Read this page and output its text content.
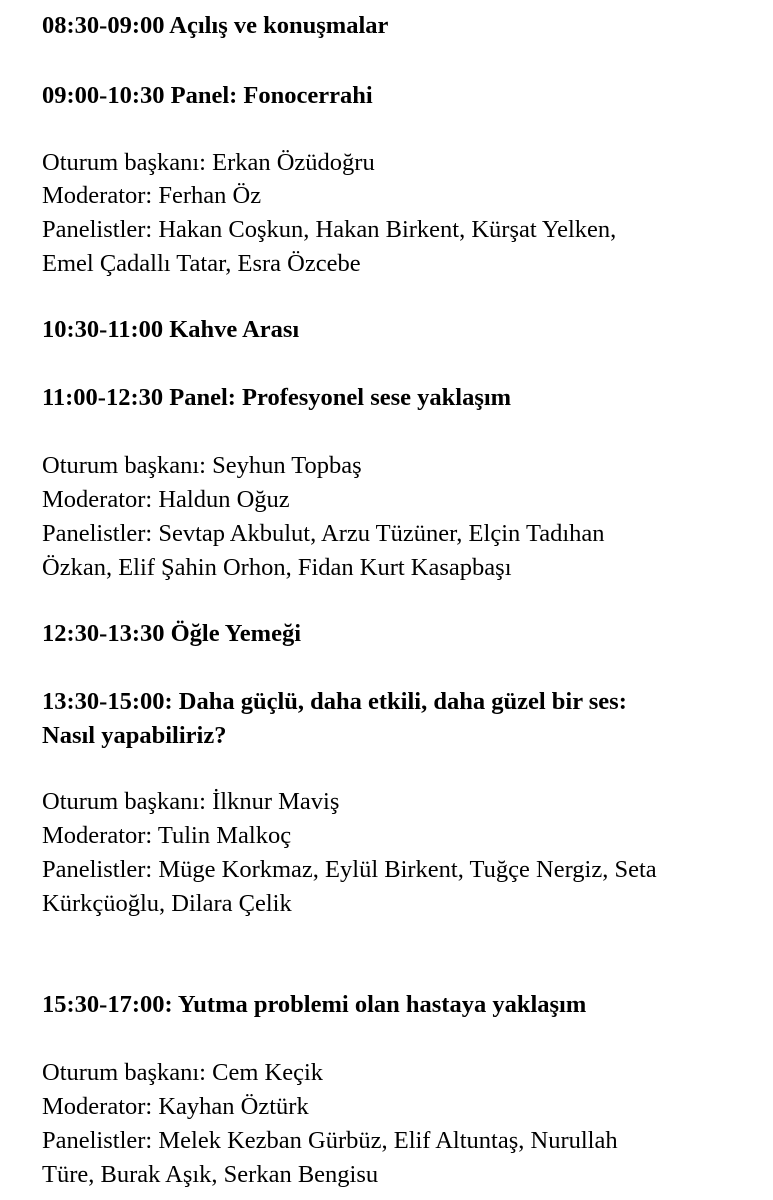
08:30-09:00 Açılış ve konuşmalar
09:00-10:30 Panel: Fonocerrahi
Oturum başkanı: Erkan Özüdoğru
Moderator: Ferhan Öz
Panelistler: Hakan Coşkun, Hakan Birkent, Kürşat Yelken,
Emel Çadallı Tatar, Esra Özcebe
10:30-11:00 Kahve Arası
11:00-12:30 Panel: Profesyonel sese yaklaşım
Oturum başkanı: Seyhun Topbaş
Moderator: Haldun Oğuz
Panelistler: Sevtap Akbulut, Arzu Tüzüner, Elçin Tadıhan
Özkan, Elif Şahin Orhon, Fidan Kurt Kasapbaşı
12:30-13:30 Öğle Yemeği
13:30-15:00: Daha güçlü, daha etkili, daha güzel bir ses:
Nasıl yapabiliriz?
Oturum başkanı: İlknur Maviş
Moderator: Tulin Malkoç
Panelistler: Müge Korkmaz, Eylül Birkent, Tuğçe Nergiz, Seta
Kürkçüoğlu, Dilara Çelik
15:30-17:00: Yutma problemi olan hastaya yaklaşım
Oturum başkanı: Cem Keçik
Moderator: Kayhan Öztürk
Panelistler: Melek Kezban Gürbüz, Elif Altuntaş, Nurullah
Türe, Burak Aşık, Serkan Bengisu
